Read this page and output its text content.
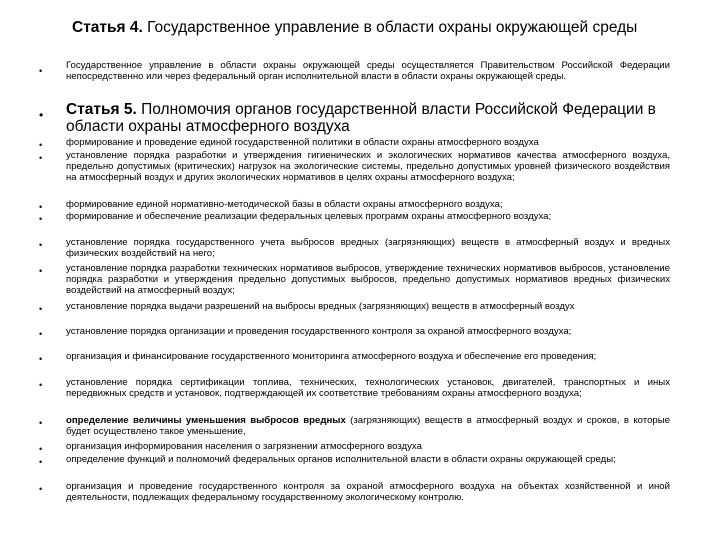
Статья 4. Государственное управление в области охраны окружающей среды
• Государственное управление в области охраны окружающей среды осуществляется Правительством Российской Федерации непосредственно или через федеральный орган исполнительной власти в области охраны окружающей среды.
• Статья 5. Полномочия органов государственной власти Российской Федерации в области охраны атмосферного воздуха
• формирование и проведение единой государственной политики в области охраны атмосферного воздуха
• установление порядка разработки и утверждения гигиенических и экологических нормативов качества атмосферного воздуха, предельно допустимых (критических) нагрузок на экологические системы, предельно допустимых уровней физического воздействия на атмосферный воздух и других экологических нормативов в целях охраны атмосферного воздуха;
• формирование единой нормативно-методической базы в области охраны атмосферного воздуха;
• формирование и обеспечение реализации федеральных целевых программ охраны атмосферного воздуха;
• установление порядка государственного учета выбросов вредных (загрязняющих) веществ в атмосферный воздух и вредных физических воздействий на него;
• установление порядка разработки технических нормативов выбросов, утверждение технических нормативов выбросов, установление порядка разработки и утверждения предельно допустимых выбросов, предельно допустимых нормативов вредных физических воздействий на атмосферный воздух;
• установление порядка выдачи разрешений на выбросы вредных (загрязняющих) веществ в атмосферный воздух
• установление порядка организации и проведения государственного контроля за охраной атмосферного воздуха;
• организация и финансирование государственного мониторинга атмосферного воздуха и обеспечение его проведения;
• установление порядка сертификации топлива, технических, технологических установок, двигателей, транспортных и иных передвижных средств и установок, подтверждающей их соответствие требованиям охраны атмосферного воздуха;
• определение величины уменьшения выбросов вредных (загрязняющих) веществ в атмосферный воздух и сроков, в которые будет осуществлено такое уменьшение,
• организация информирования населения о загрязнении атмосферного воздуха
• определение функций и полномочий федеральных органов исполнительной власти в области охраны окружающей среды;
• организация и проведение государственного контроля за охраной атмосферного воздуха на объектах хозяйственной и иной деятельности, подлежащих федеральному государственному экологическому контролю.
